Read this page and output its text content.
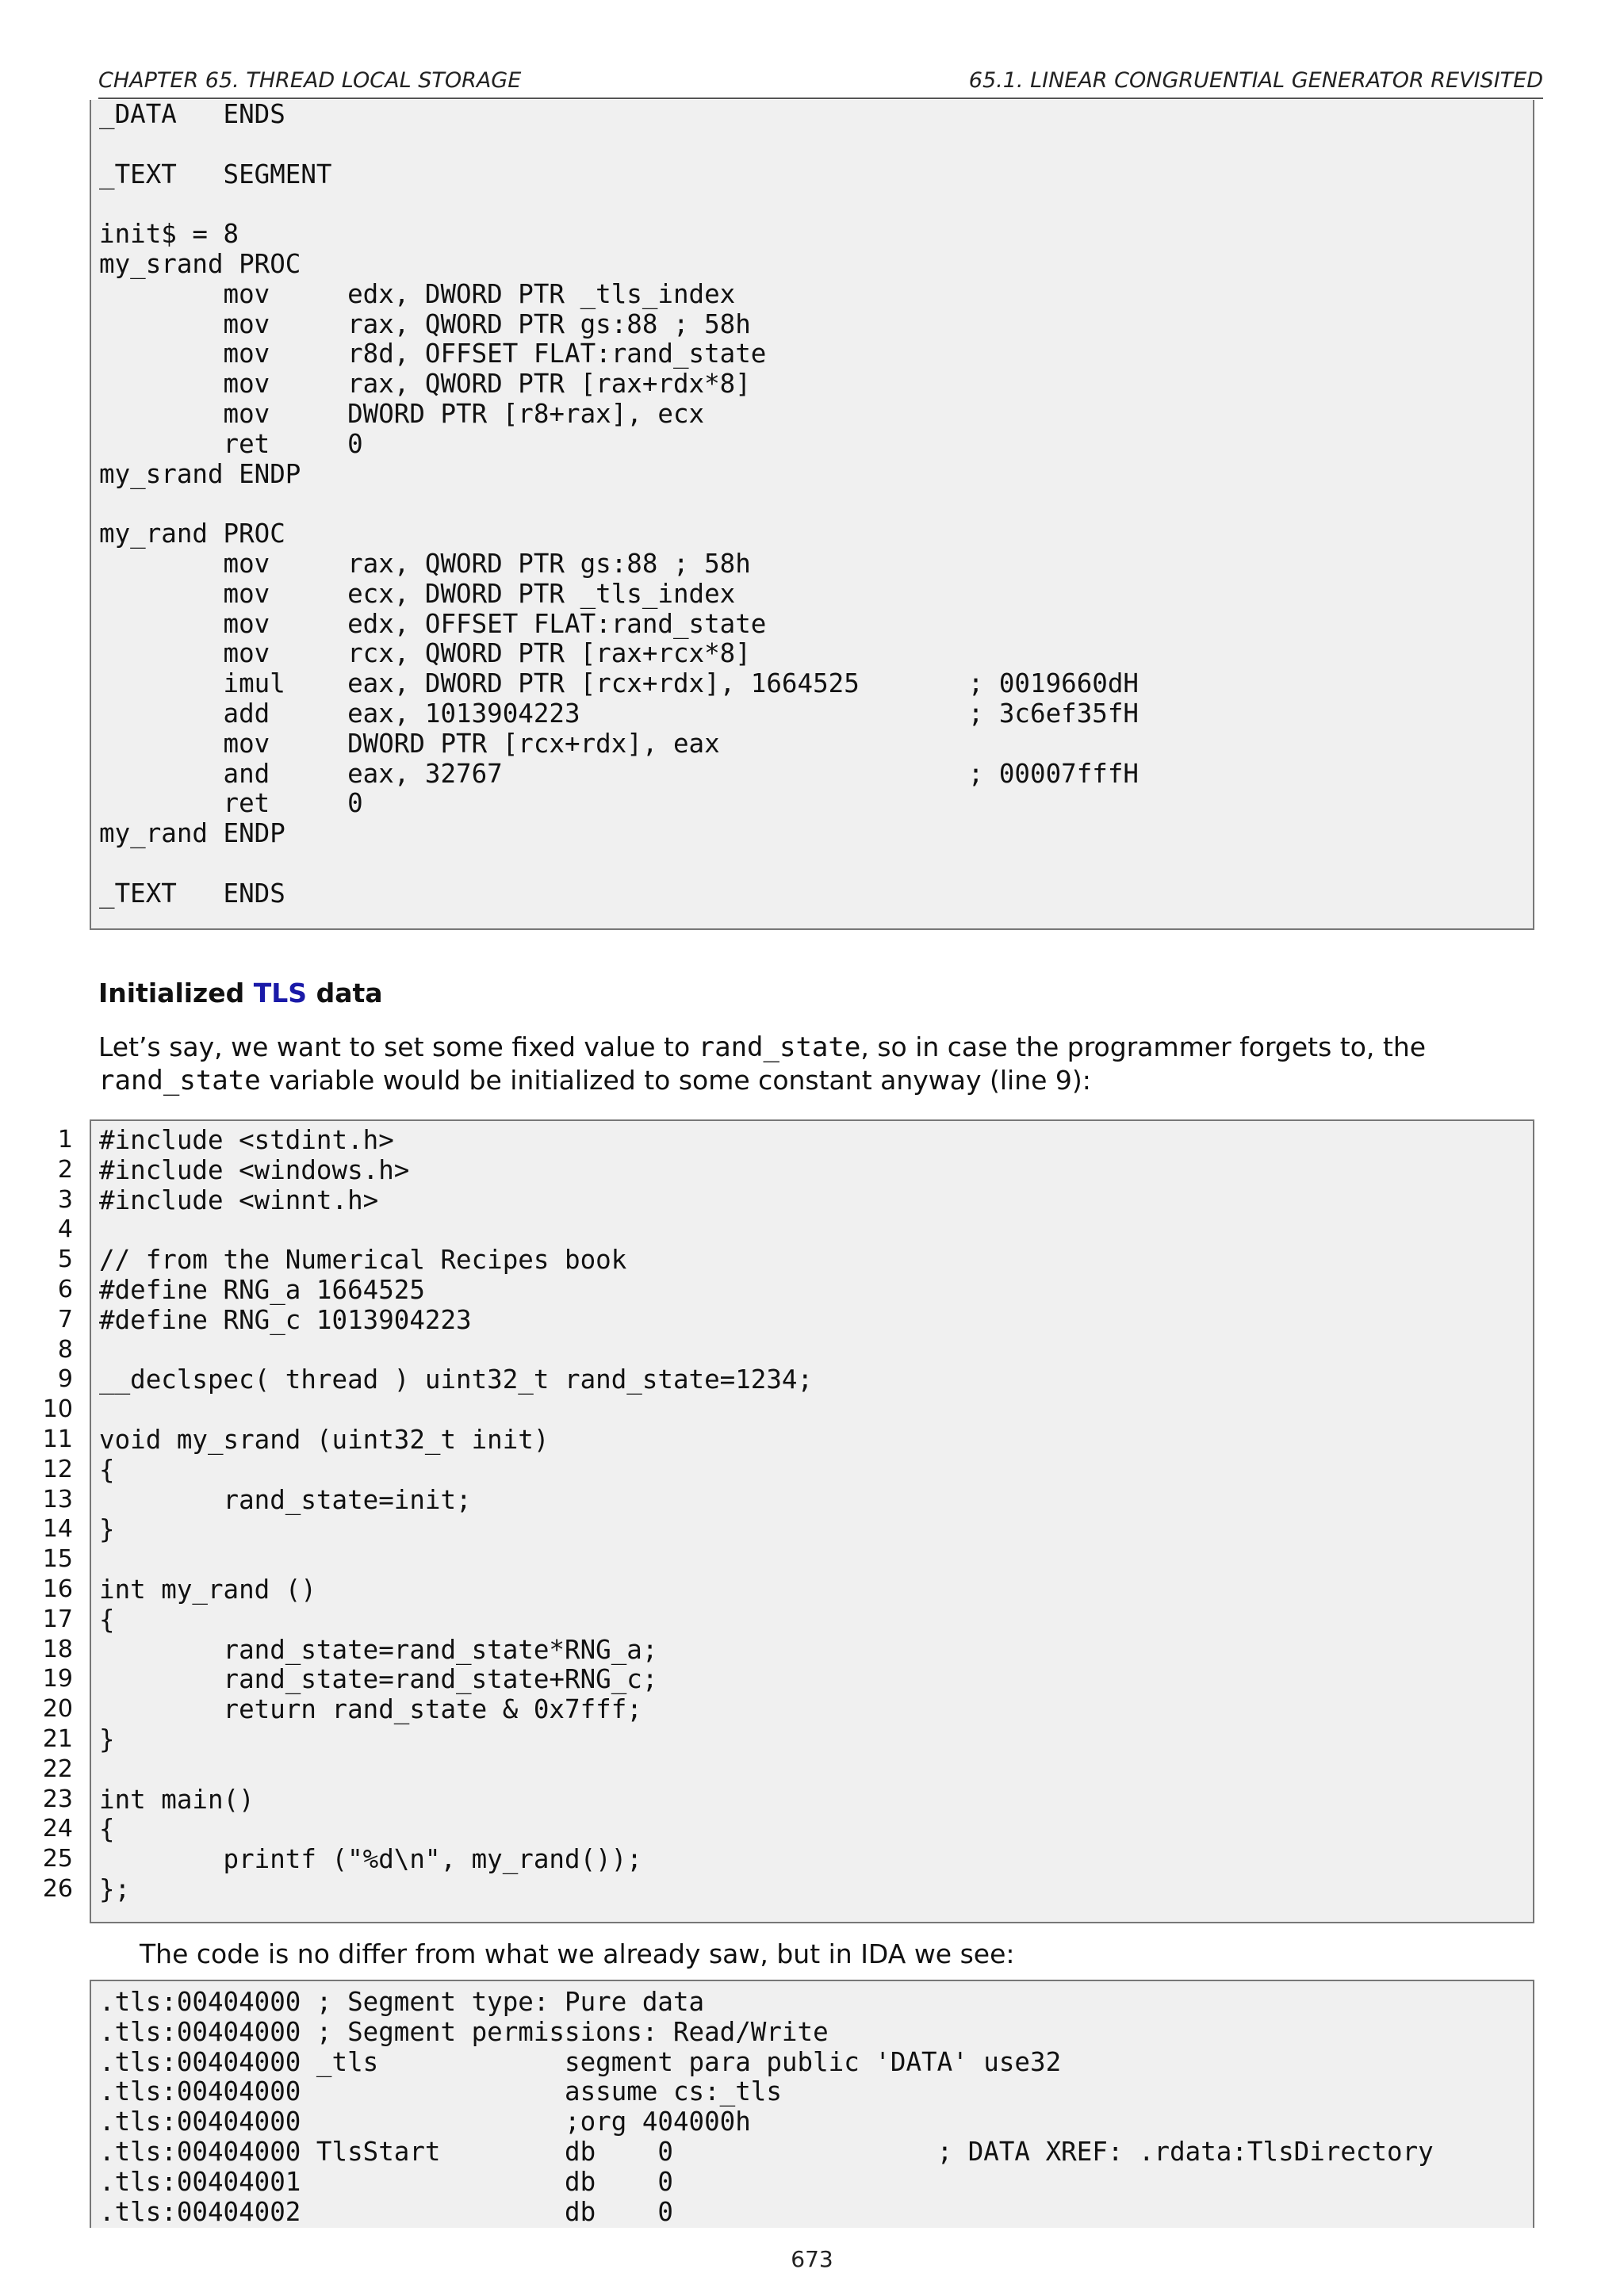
CHAPTER 65. THREAD LOCAL STORAGE	65.1. LINEAR CONGRUENTIAL GENERATOR REVISITED
_DATA   ENDS

_TEXT   SEGMENT

init$ = 8
my_srand PROC
mov     edx, DWORD PTR _tls_index
mov     rax, QWORD PTR gs:88 ; 58h
mov     r8d, OFFSET FLAT:rand_state
mov     rax, QWORD PTR [rax+rdx*8]
mov     DWORD PTR [r8+rax], ecx
ret     0
my_srand ENDP

my_rand PROC
mov     rax, QWORD PTR gs:88 ; 58h
mov     ecx, DWORD PTR _tls_index
mov     edx, OFFSET FLAT:rand_state
mov     rcx, QWORD PTR [rax+rcx*8]
imul    eax, DWORD PTR [rcx+rdx], 1664525       ; 0019660dH
add     eax, 1013904223                         ; 3c6ef35fH
mov     DWORD PTR [rcx+rdx], eax
and     eax, 32767                              ; 00007fffH
ret     0
my_rand ENDP

_TEXT   ENDS
Initialized TLS data

Let’s say, we want to set some fixed value to rand_state, so in case the programmer forgets to, the rand_state variable would be initialized to some constant anyway (line 9):

1
2
3
4
5
6
7
8
9
10
11
12
13
14
15
16
17
18
19
20
21
22
23
24
25
26
#include <stdint.h>
#include <windows.h>
#include <winnt.h>

// from the Numerical Recipes book
#define RNG_a 1664525
#define RNG_c 1013904223

__declspec( thread ) uint32_t rand_state=1234;

void my_srand (uint32_t init)
{
rand_state=init;
}

int my_rand ()
{
rand_state=rand_state*RNG_a;
rand_state=rand_state+RNG_c;
return rand_state & 0x7fff;
}

int main()
{
printf ("%d\n", my_rand());
};

The code is no differ from what we already saw, but in IDA we see:

.tls:00404000 ; Segment type: Pure data
.tls:00404000 ; Segment permissions: Read/Write
.tls:00404000 _tls            segment para public 'DATA' use32
.tls:00404000                 assume cs:_tls
.tls:00404000                 ;org 404000h
.tls:00404000 TlsStart        db    0                 ; DATA XREF: .rdata:TlsDirectory
.tls:00404001                 db    0
.tls:00404002                 db    0
673
